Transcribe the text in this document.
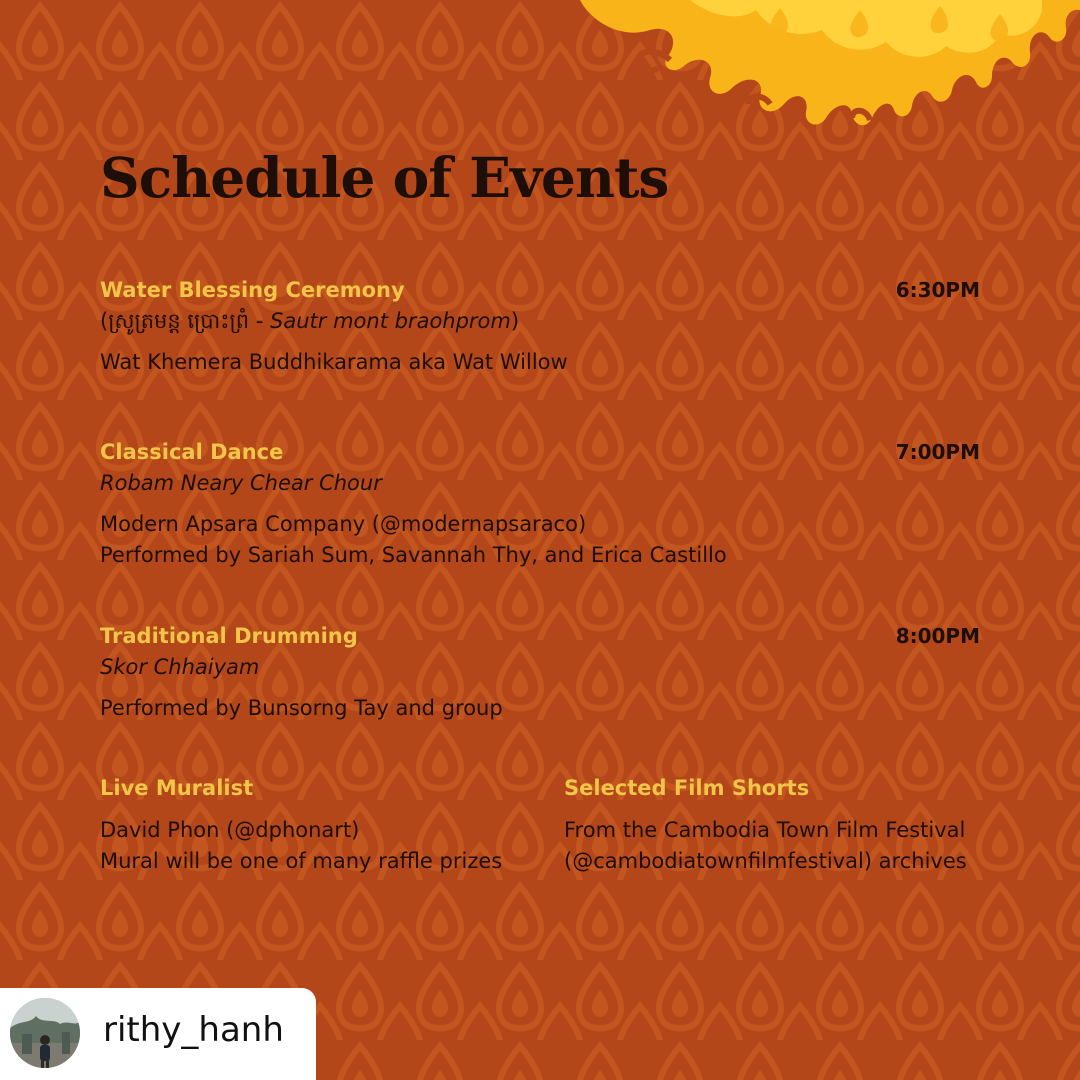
Schedule of Events
Water Blessing Ceremony	6:30PM
(ស្រូត្រមន្ត ប្រោះព្រំ - Sautr mont braohprom)
Wat Khemera Buddhikarama aka Wat Willow
Classical Dance	7:00PM
Robam Neary Chear Chour
Modern Apsara Company (@modernapsaraco)
Performed by Sariah Sum, Savannah Thy, and Erica Castillo
Traditional Drumming	8:00PM
Skor Chhaiyam
Performed by Bunsorng Tay and group
Live Muralist
David Phon (@dphonart)
Mural will be one of many raffle prizes
Selected Film Shorts
From the Cambodia Town Film Festival
(@cambodiatownfilmfestival) archives
rithy_hanh
